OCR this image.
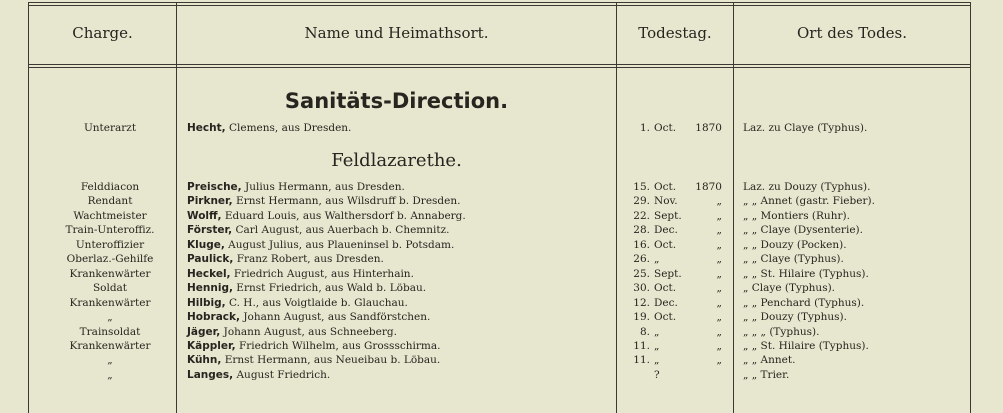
Charge.	Name und Heimathsort.	Todestag.	Ort des Todes.
Sanitäts-Direction.
Unterarzt	Hecht, Clemens, aus Dresden.	1. Oct. 1870	Laz. zu Claye (Typhus).
Feldlazarethe.
Felddiacon	Preische, Julius Hermann, aus Dresden.	15. Oct. 1870	Laz. zu Douzy (Typhus).
Rendant	Pirkner, Ernst Hermann, aus Wilsdruff b. Dresden.	29. Nov.	„	„ „ Annet (gastr. Fieber).
Wachtmeister	Wolff, Eduard Louis, aus Walthersdorf b. Annaberg.	22. Sept.	„	„ „ Montiers (Ruhr).
Train-Unteroffiz.	Förster, Carl August, aus Auerbach b. Chemnitz.	28. Dec.	„	„ „ Claye (Dysenterie).
Unteroffizier	Kluge, August Julius, aus Plaueninsel b. Potsdam.	16. Oct.	„	„ „ Douzy (Pocken).
Oberlaz.-Gehilfe	Paulick, Franz Robert, aus Dresden.	26. „	„	„ „ Claye (Typhus).
Krankenwärter	Heckel, Friedrich August, aus Hinterhain.	25. Sept.	„	„ „ St. Hilaire (Typhus).
Soldat	Hennig, Ernst Friedrich, aus Wald b. Löbau.	30. Oct.	„	„ Claye (Typhus).
Krankenwärter	Hilbig, C. H., aus Voigtlaide b. Glauchau.	12. Dec.	„	„ „ Penchard (Typhus).
„	Hobrack, Johann August, aus Sandförstchen.	19. Oct.	„	„ „ Douzy (Typhus).
Trainsoldat	Jäger, Johann August, aus Schneeberg.	8. „	„	„ „ „ (Typhus).
Krankenwärter	Käppler, Friedrich Wilhelm, aus Grossschirma.	11. „	„	„ „ St. Hilaire (Typhus).
„	Kühn, Ernst Hermann, aus Neueibau b. Löbau.	11. „	„	„ „ Annet.
„	Langes, August Friedrich.	?	„ „ Trier.
